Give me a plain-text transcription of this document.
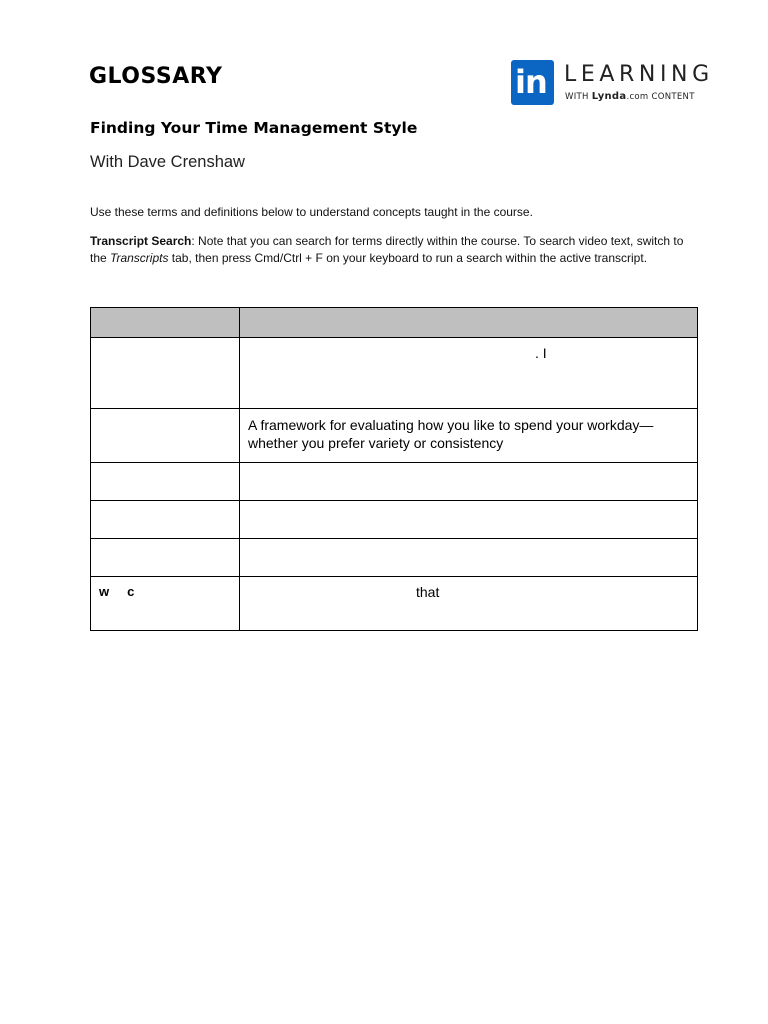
GLOSSARY	in LEARNING
WITH Lynda.com CONTENT
Finding Your Time Management Style
With Dave Crenshaw
Use these terms and definitions below to understand concepts taught in the course.
Transcript Search: Note that you can search for terms directly within the course. To search video text, switch to the Transcripts tab, then press Cmd/Ctrl + F on your keyboard to run a search within the active transcript.

	. I

	A framework for evaluating how you like to spend your workday—whether you prefer variety or consistency

w     c	that
